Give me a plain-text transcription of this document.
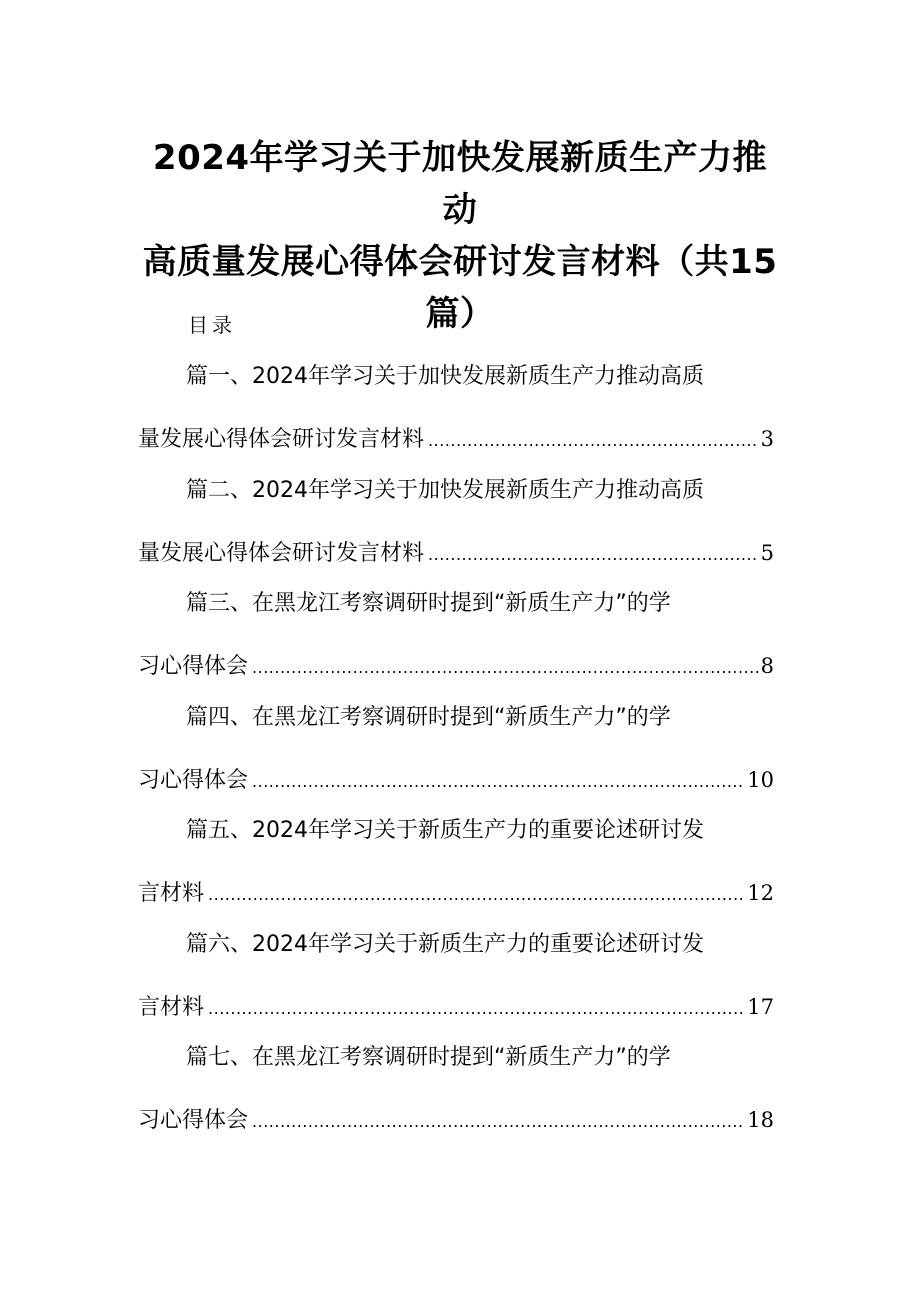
2024年学习关于加快发展新质生产力推动
高质量发展心得体会研讨发言材料（共15
篇）
目录
篇一、2024年学习关于加快发展新质生产力推动高质
量发展心得体会研讨发言材料 .....	3
篇二、2024年学习关于加快发展新质生产力推动高质
量发展心得体会研讨发言材料 .....	5
篇三、在黑龙江考察调研时提到“新质生产力”的学
习心得体会 .....	8
篇四、在黑龙江考察调研时提到“新质生产力”的学
习心得体会 .....	10
篇五、2024年学习关于新质生产力的重要论述研讨发
言材料 .....	12
篇六、2024年学习关于新质生产力的重要论述研讨发
言材料 .....	17
篇七、在黑龙江考察调研时提到“新质生产力”的学
习心得体会 .....	18
